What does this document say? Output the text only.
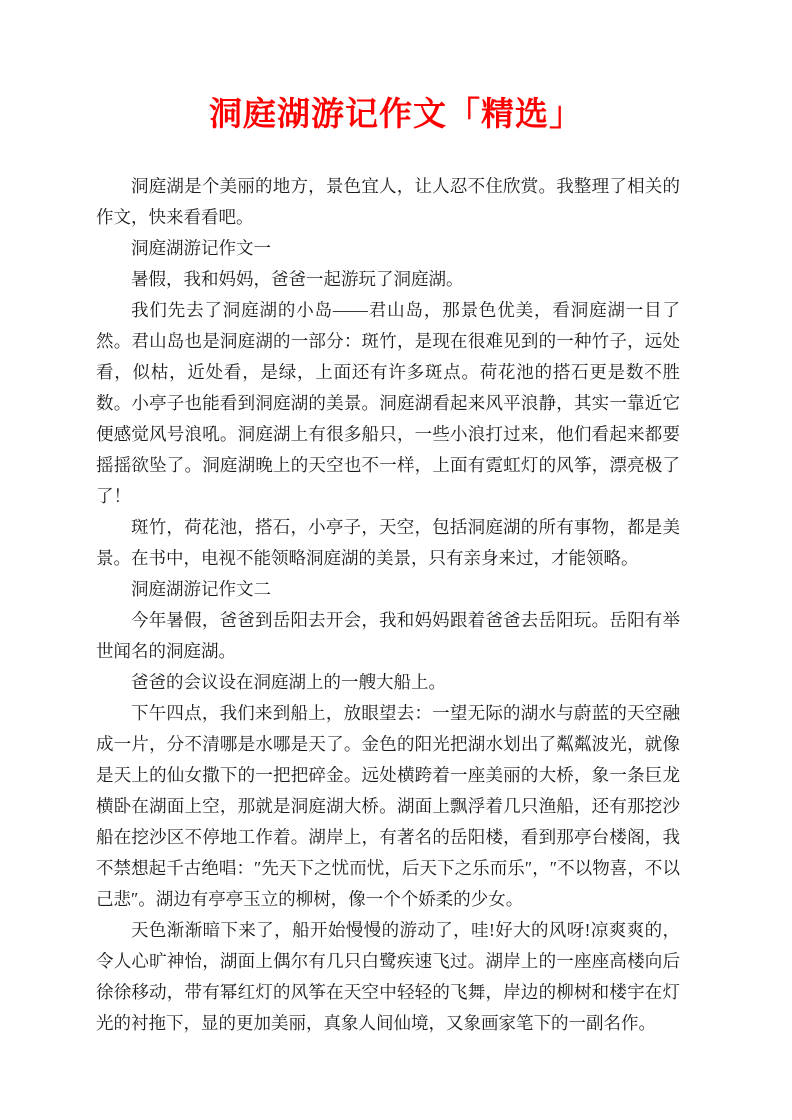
洞庭湖游记作文「精选」

洞庭湖是个美丽的地方，景色宜人，让人忍不住欣赏。我整理了相关的作文，快来看看吧。

洞庭湖游记作文一

暑假，我和妈妈，爸爸一起游玩了洞庭湖。

我们先去了洞庭湖的小岛——君山岛，那景色优美，看洞庭湖一目了然。君山岛也是洞庭湖的一部分：斑竹，是现在很难见到的一种竹子，远处看，似枯，近处看，是绿，上面还有许多斑点。荷花池的搭石更是数不胜数。小亭子也能看到洞庭湖的美景。洞庭湖看起来风平浪静，其实一靠近它便感觉风号浪吼。洞庭湖上有很多船只，一些小浪打过来，他们看起来都要摇摇欲坠了。洞庭湖晚上的天空也不一样，上面有霓虹灯的风筝，漂亮极了了！

斑竹，荷花池，搭石，小亭子，天空，包括洞庭湖的所有事物，都是美景。在书中，电视不能领略洞庭湖的美景，只有亲身来过，才能领略。

洞庭湖游记作文二

今年暑假，爸爸到岳阳去开会，我和妈妈跟着爸爸去岳阳玩。岳阳有举世闻名的洞庭湖。

爸爸的会议设在洞庭湖上的一艘大船上。

下午四点，我们来到船上，放眼望去：一望无际的湖水与蔚蓝的天空融成一片，分不清哪是水哪是天了。金色的阳光把湖水划出了粼粼波光，就像是天上的仙女撒下的一把把碎金。远处横跨着一座美丽的大桥，象一条巨龙横卧在湖面上空，那就是洞庭湖大桥。湖面上飘浮着几只渔船，还有那挖沙船在挖沙区不停地工作着。湖岸上，有著名的岳阳楼，看到那亭台楼阁，我不禁想起千古绝唱：″先天下之忧而忧，后天下之乐而乐″，″不以物喜，不以己悲″。湖边有亭亭玉立的柳树，像一个个娇柔的少女。

天色渐渐暗下来了，船开始慢慢的游动了，哇!好大的风呀!凉爽爽的，令人心旷神怡，湖面上偶尔有几只白鹭疾速飞过。湖岸上的一座座高楼向后徐徐移动，带有幂红灯的风筝在天空中轻轻的飞舞，岸边的柳树和楼宇在灯光的衬拖下，显的更加美丽，真象人间仙境，又象画家笔下的一副名作。
